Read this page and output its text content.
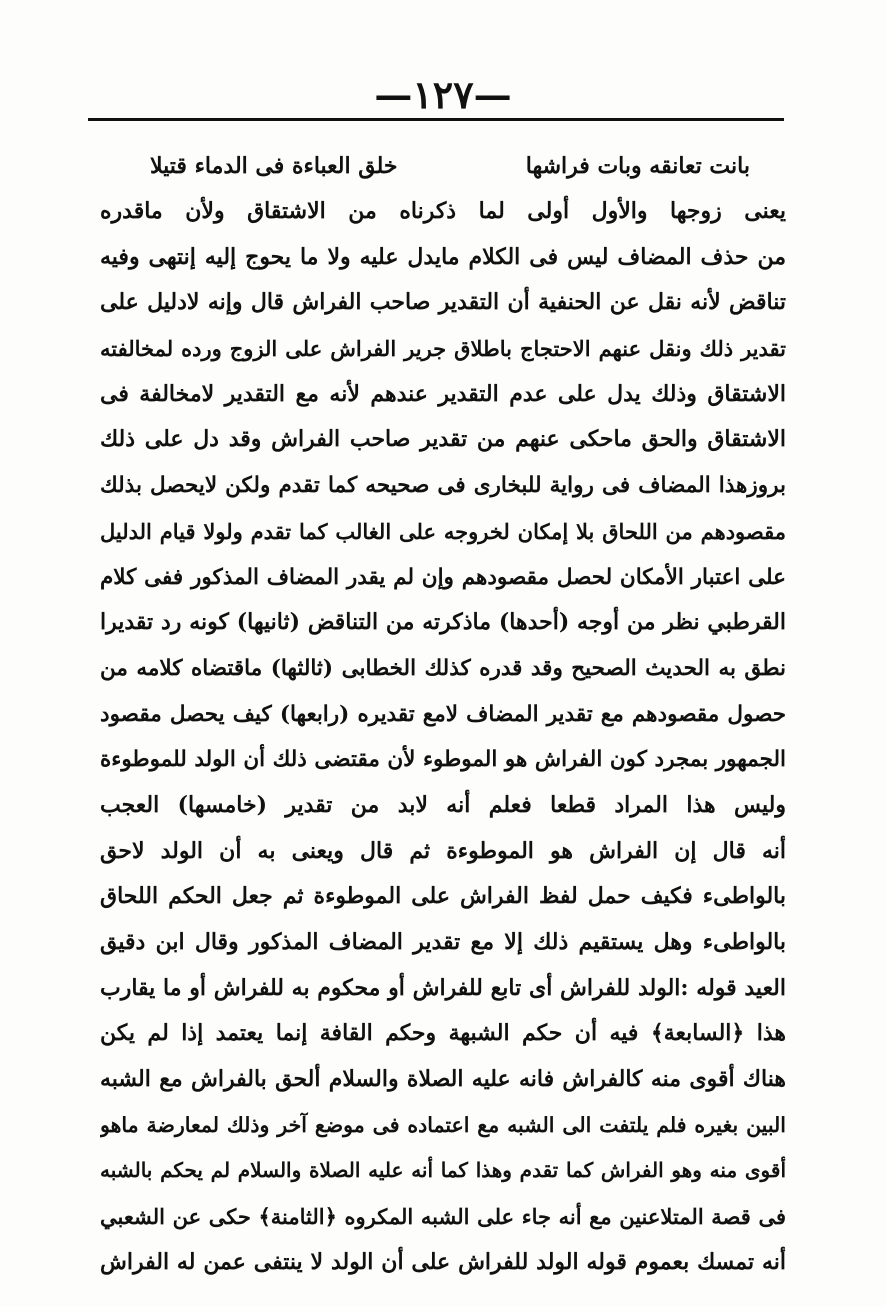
—١٢٧—
بانت تعانقه وبات فراشها
خلق العباءة فى الدماء قتيلا
يعنى زوجها والأول أولى لما ذكرناه من الاشتقاق ولأن ماقدره
من حذف المضاف ليس فى الكلام مايدل عليه ولا ما يحوج إليه إنتهى وفيه
تناقض لأنه نقل عن الحنفية أن التقدير صاحب الفراش قال وإنه لادليل على
تقدير ذلك ونقل عنهم الاحتجاج باطلاق جرير الفراش على الزوج ورده لمخالفته
الاشتقاق وذلك يدل على عدم التقدير عندهم لأنه مع التقدير لامخالفة فى
الاشتقاق والحق ماحكى عنهم من تقدير صاحب الفراش وقد دل على ذلك
بروزهذا المضاف فى رواية للبخارى فى صحيحه كما تقدم ولكن لايحصل بذلك
مقصودهم من اللحاق بلا إمكان لخروجه على الغالب كما تقدم ولولا قيام الدليل
على اعتبار الأمكان لحصل مقصودهم وإن لم يقدر المضاف المذكور ففى كلام
القرطبي نظر من أوجه (أحدها) ماذكرته من التناقض (ثانيها) كونه رد تقديرا
نطق به الحديث الصحيح وقد قدره كذلك الخطابى (ثالثها) ماقتضاه كلامه من
حصول مقصودهم مع تقدير المضاف لامع تقديره (رابعها) كيف يحصل مقصود
الجمهور بمجرد كون الفراش هو الموطوء لأن مقتضى ذلك أن الولد للموطوءة
وليس هذا المراد قطعا فعلم أنه لابد من تقدير (خامسها) العجب
أنه قال إن الفراش هو الموطوءة ثم قال ويعنى به أن الولد لاحق
بالواطىء فكيف حمل لفظ الفراش على الموطوءة ثم جعل الحكم اللحاق
بالواطىء وهل يستقيم ذلك إلا مع تقدير المضاف المذكور وقال ابن دقيق
العيد قوله :الولد للفراش أى تابع للفراش أو محكوم به للفراش أو ما يقارب
هذا ﴿السابعة﴾ فيه أن حكم الشبهة وحكم القافة إنما يعتمد إذا لم يكن
هناك أقوى منه كالفراش فانه عليه الصلاة والسلام ألحق بالفراش مع الشبه
البين بغيره فلم يلتفت الى الشبه مع اعتماده فى موضع آخر وذلك لمعارضة ماهو
أقوى منه وهو الفراش كما تقدم وهذا كما أنه عليه الصلاة والسلام لم يحكم بالشبه
فى قصة المتلاعنين مع أنه جاء على الشبه المكروه ﴿الثامنة﴾ حكى عن الشعبي
أنه تمسك بعموم قوله الولد للفراش على أن الولد لا ينتفى عمن له الفراش
